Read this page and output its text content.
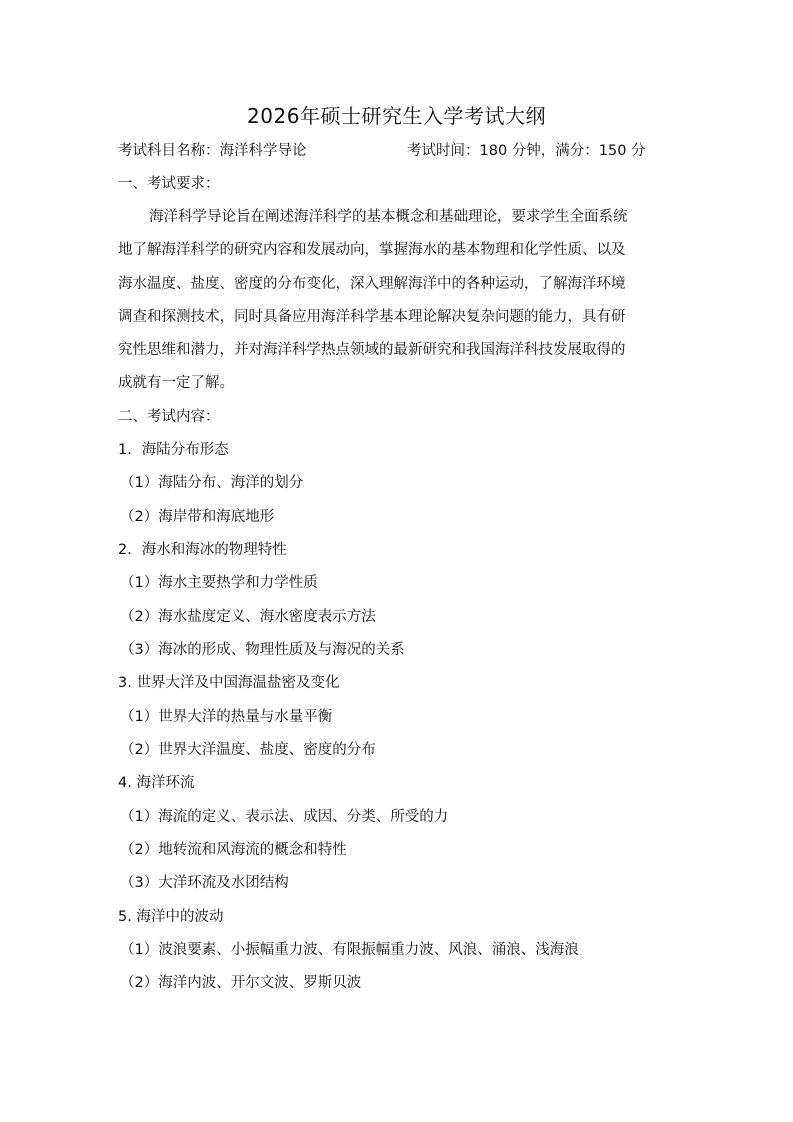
2026年硕士研究生入学考试大纲
考试科目名称：海洋科学导论	考试时间：180 分钟，满分：150 分
一、考试要求：
海洋科学导论旨在阐述海洋科学的基本概念和基础理论，要求学生全面系统
地了解海洋科学的研究内容和发展动向，掌握海水的基本物理和化学性质、以及
海水温度、盐度、密度的分布变化，深入理解海洋中的各种运动，了解海洋环境
调查和探测技术，同时具备应用海洋科学基本理论解决复杂问题的能力，具有研
究性思维和潜力，并对海洋科学热点领域的最新研究和我国海洋科技发展取得的
成就有一定了解。
二、考试内容：
1．海陆分布形态
（1）海陆分布、海洋的划分
（2）海岸带和海底地形
2．海水和海冰的物理特性
（1）海水主要热学和力学性质
（2）海水盐度定义、海水密度表示方法
（3）海冰的形成、物理性质及与海况的关系
3. 世界大洋及中国海温盐密及变化
（1）世界大洋的热量与水量平衡
（2）世界大洋温度、盐度、密度的分布
4. 海洋环流
（1）海流的定义、表示法、成因、分类、所受的力
（2）地转流和风海流的概念和特性
（3）大洋环流及水团结构
5. 海洋中的波动
（1）波浪要素、小振幅重力波、有限振幅重力波、风浪、涌浪、浅海浪
（2）海洋内波、开尔文波、罗斯贝波
